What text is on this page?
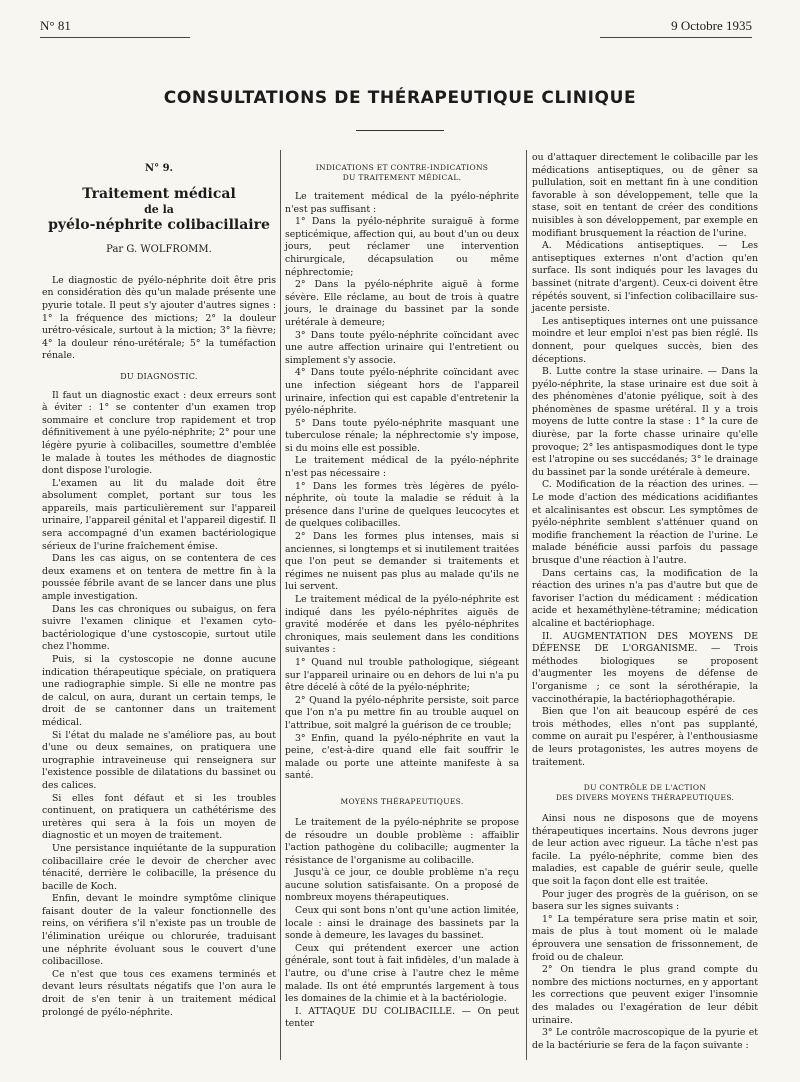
N° 81	9 Octobre 1935
CONSULTATIONS DE THÉRAPEUTIQUE CLINIQUE
N° 9.
Traitement médical
de la
pyélo-néphrite colibacillaire
Par G. WOLFROMM.

Le diagnostic de pyélo-néphrite doit être pris en considération dès qu'un malade présente une pyurie totale. Il peut s'y ajouter d'autres signes : 1° la fréquence des mictions; 2° la douleur urétro-vésicale, surtout à la miction; 3° la fièvre; 4° la douleur réno-urétérale; 5° la tuméfaction rénale.

DU DIAGNOSTIC.

Il faut un diagnostic exact : deux erreurs sont à éviter : 1° se contenter d'un examen trop sommaire et conclure trop rapidement et trop définitivement à une pyélo-néphrite; 2° pour une légère pyurie à colibacilles, soumettre d'emblée le malade à toutes les méthodes de diagnostic dont dispose l'urologie.

L'examen au lit du malade doit être absolument complet, portant sur tous les appareils, mais particulièrement sur l'appareil urinaire, l'appareil génital et l'appareil digestif. Il sera accompagné d'un examen bactériologique sérieux de l'urine fraîchement émise.

Dans les cas aigus, on se contentera de ces deux examens et on tentera de mettre fin à la poussée fébrile avant de se lancer dans une plus ample investigation.

Dans les cas chroniques ou subaigus, on fera suivre l'examen clinique et l'examen cyto-bactériologique d'une cystoscopie, surtout utile chez l'homme.

Puis, si la cystoscopie ne donne aucune indication thérapeutique spéciale, on pratiquera une radiographie simple. Si elle ne montre pas de calcul, on aura, durant un certain temps, le droit de se cantonner dans un traitement médical.

Si l'état du malade ne s'améliore pas, au bout d'une ou deux semaines, on pratiquera une urographie intraveineuse qui renseignera sur l'existence possible de dilatations du bassinet ou des calices.

Si elles font défaut et si les troubles continuent, on pratiquera un cathétérisme des uretères qui sera à la fois un moyen de diagnostic et un moyen de traitement.

Une persistance inquiétante de la suppuration colibacillaire crée le devoir de chercher avec ténacité, derrière le colibacille, la présence du bacille de Koch.

Enfin, devant le moindre symptôme clinique faisant douter de la valeur fonctionnelle des reins, on vérifiera s'il n'existe pas un trouble de l'élimination uréique ou chlorurée, traduisant une néphrite évoluant sous le couvert d'une colibacillose.

Ce n'est que tous ces examens terminés et devant leurs résultats négatifs que l'on aura le droit de s'en tenir à un traitement médical prolongé de pyélo-néphrite.

INDICATIONS ET CONTRE-INDICATIONS
DU TRAITEMENT MÉDICAL.

Le traitement médical de la pyélo-néphrite n'est pas suffisant :

1° Dans la pyélo-néphrite suraiguë à forme septicémique, affection qui, au bout d'un ou deux jours, peut réclamer une intervention chirurgicale, décapsulation ou même néphrectomie;

2° Dans la pyélo-néphrite aiguë à forme sévère. Elle réclame, au bout de trois à quatre jours, le drainage du bassinet par la sonde urétérale à demeure;

3° Dans toute pyélo-néphrite coïncidant avec une autre affection urinaire qui l'entretient ou simplement s'y associe.

4° Dans toute pyélo-néphrite coïncidant avec une infection siégeant hors de l'appareil urinaire, infection qui est capable d'entretenir la pyélo-néphrite.

5° Dans toute pyélo-néphrite masquant une tuberculose rénale; la néphrectomie s'y impose, si du moins elle est possible.

Le traitement médical de la pyélo-néphrite n'est pas nécessaire :

1° Dans les formes très légères de pyélo-néphrite, où toute la maladie se réduit à la présence dans l'urine de quelques leucocytes et de quelques colibacilles.

2° Dans les formes plus intenses, mais si anciennes, si longtemps et si inutilement traitées que l'on peut se demander si traitements et régimes ne nuisent pas plus au malade qu'ils ne lui servent.

Le traitement médical de la pyélo-néphrite est indiqué dans les pyélo-néphrites aiguës de gravité modérée et dans les pyélo-néphrites chroniques, mais seulement dans les conditions suivantes :

1° Quand nul trouble pathologique, siégeant sur l'appareil urinaire ou en dehors de lui n'a pu être décelé à côté de la pyélo-néphrite;

2° Quand la pyélo-néphrite persiste, soit parce que l'on n'a pu mettre fin au trouble auquel on l'attribue, soit malgré la guérison de ce trouble;

3° Enfin, quand la pyélo-néphrite en vaut la peine, c'est-à-dire quand elle fait souffrir le malade ou porte une atteinte manifeste à sa santé.

MOYENS THÉRAPEUTIQUES.

Le traitement de la pyélo-néphrite se propose de résoudre un double problème : affaiblir l'action pathogène du colibacille; augmenter la résistance de l'organisme au colibacille.

Jusqu'à ce jour, ce double problème n'a reçu aucune solution satisfaisante. On a proposé de nombreux moyens thérapeutiques.

Ceux qui sont bons n'ont qu'une action limitée, locale : ainsi le drainage des bassinets par la sonde à demeure, les lavages du bassinet.

Ceux qui prétendent exercer une action générale, sont tout à fait infidèles, d'un malade à l'autre, ou d'une crise à l'autre chez le même malade. Ils ont été empruntés largement à tous les domaines de la chimie et à la bactériologie.

I. ATTAQUE DU COLIBACILLE. — On peut tenter

ou d'attaquer directement le colibacille par les médications antiseptiques, ou de gêner sa pullulation, soit en mettant fin à une condition favorable à son développement, telle que la stase, soit en tentant de créer des conditions nuisibles à son développement, par exemple en modifiant brusquement la réaction de l'urine.

A. Médications antiseptiques. — Les antiseptiques externes n'ont d'action qu'en surface. Ils sont indiqués pour les lavages du bassinet (nitrate d'argent). Ceux-ci doivent être répétés souvent, si l'infection colibacillaire sus-jacente persiste.

Les antiseptiques internes ont une puissance moindre et leur emploi n'est pas bien réglé. Ils donnent, pour quelques succès, bien des déceptions.

B. Lutte contre la stase urinaire. — Dans la pyélo-néphrite, la stase urinaire est due soit à des phénomènes d'atonie pyélique, soit à des phénomènes de spasme urétéral. Il y a trois moyens de lutte contre la stase : 1° la cure de diurèse, par la forte chasse urinaire qu'elle provoque; 2° les antispasmodiques dont le type est l'atropine ou ses succédanés; 3° le drainage du bassinet par la sonde urétérale à demeure.

C. Modification de la réaction des urines. — Le mode d'action des médications acidifiantes et alcalinisantes est obscur. Les symptômes de pyélo-néphrite semblent s'atténuer quand on modifie franchement la réaction de l'urine. Le malade bénéficie aussi parfois du passage brusque d'une réaction à l'autre.

Dans certains cas, la modification de la réaction des urines n'a pas d'autre but que de favoriser l'action du médicament : médication acide et hexaméthylène-tétramine; médication alcaline et bactériophage.

II. AUGMENTATION DES MOYENS DE DÉFENSE DE L'ORGANISME. — Trois méthodes biologiques se proposent d'augmenter les moyens de défense de l'organisme ; ce sont la sérothérapie, la vaccinothérapie, la bactériophagothérapie.

Bien que l'on ait beaucoup espéré de ces trois méthodes, elles n'ont pas supplanté, comme on aurait pu l'espérer, à l'enthousiasme de leurs protagonistes, les autres moyens de traitement.

DU CONTRÔLE DE L'ACTION
DES DIVERS MOYENS THÉRAPEUTIQUES.

Ainsi nous ne disposons que de moyens thérapeutiques incertains. Nous devrons juger de leur action avec rigueur. La tâche n'est pas facile. La pyélo-néphrite, comme bien des maladies, est capable de guérir seule, quelle que soit la façon dont elle est traitée.

Pour juger des progrès de la guérison, on se basera sur les signes suivants :

1° La température sera prise matin et soir, mais de plus à tout moment où le malade éprouvera une sensation de frissonnement, de froid ou de chaleur.

2° On tiendra le plus grand compte du nombre des mictions nocturnes, en y apportant les corrections que peuvent exiger l'insomnie des malades ou l'exagération de leur débit urinaire.

3° Le contrôle macroscopique de la pyurie et de la bactériurie se fera de la façon suivante :
